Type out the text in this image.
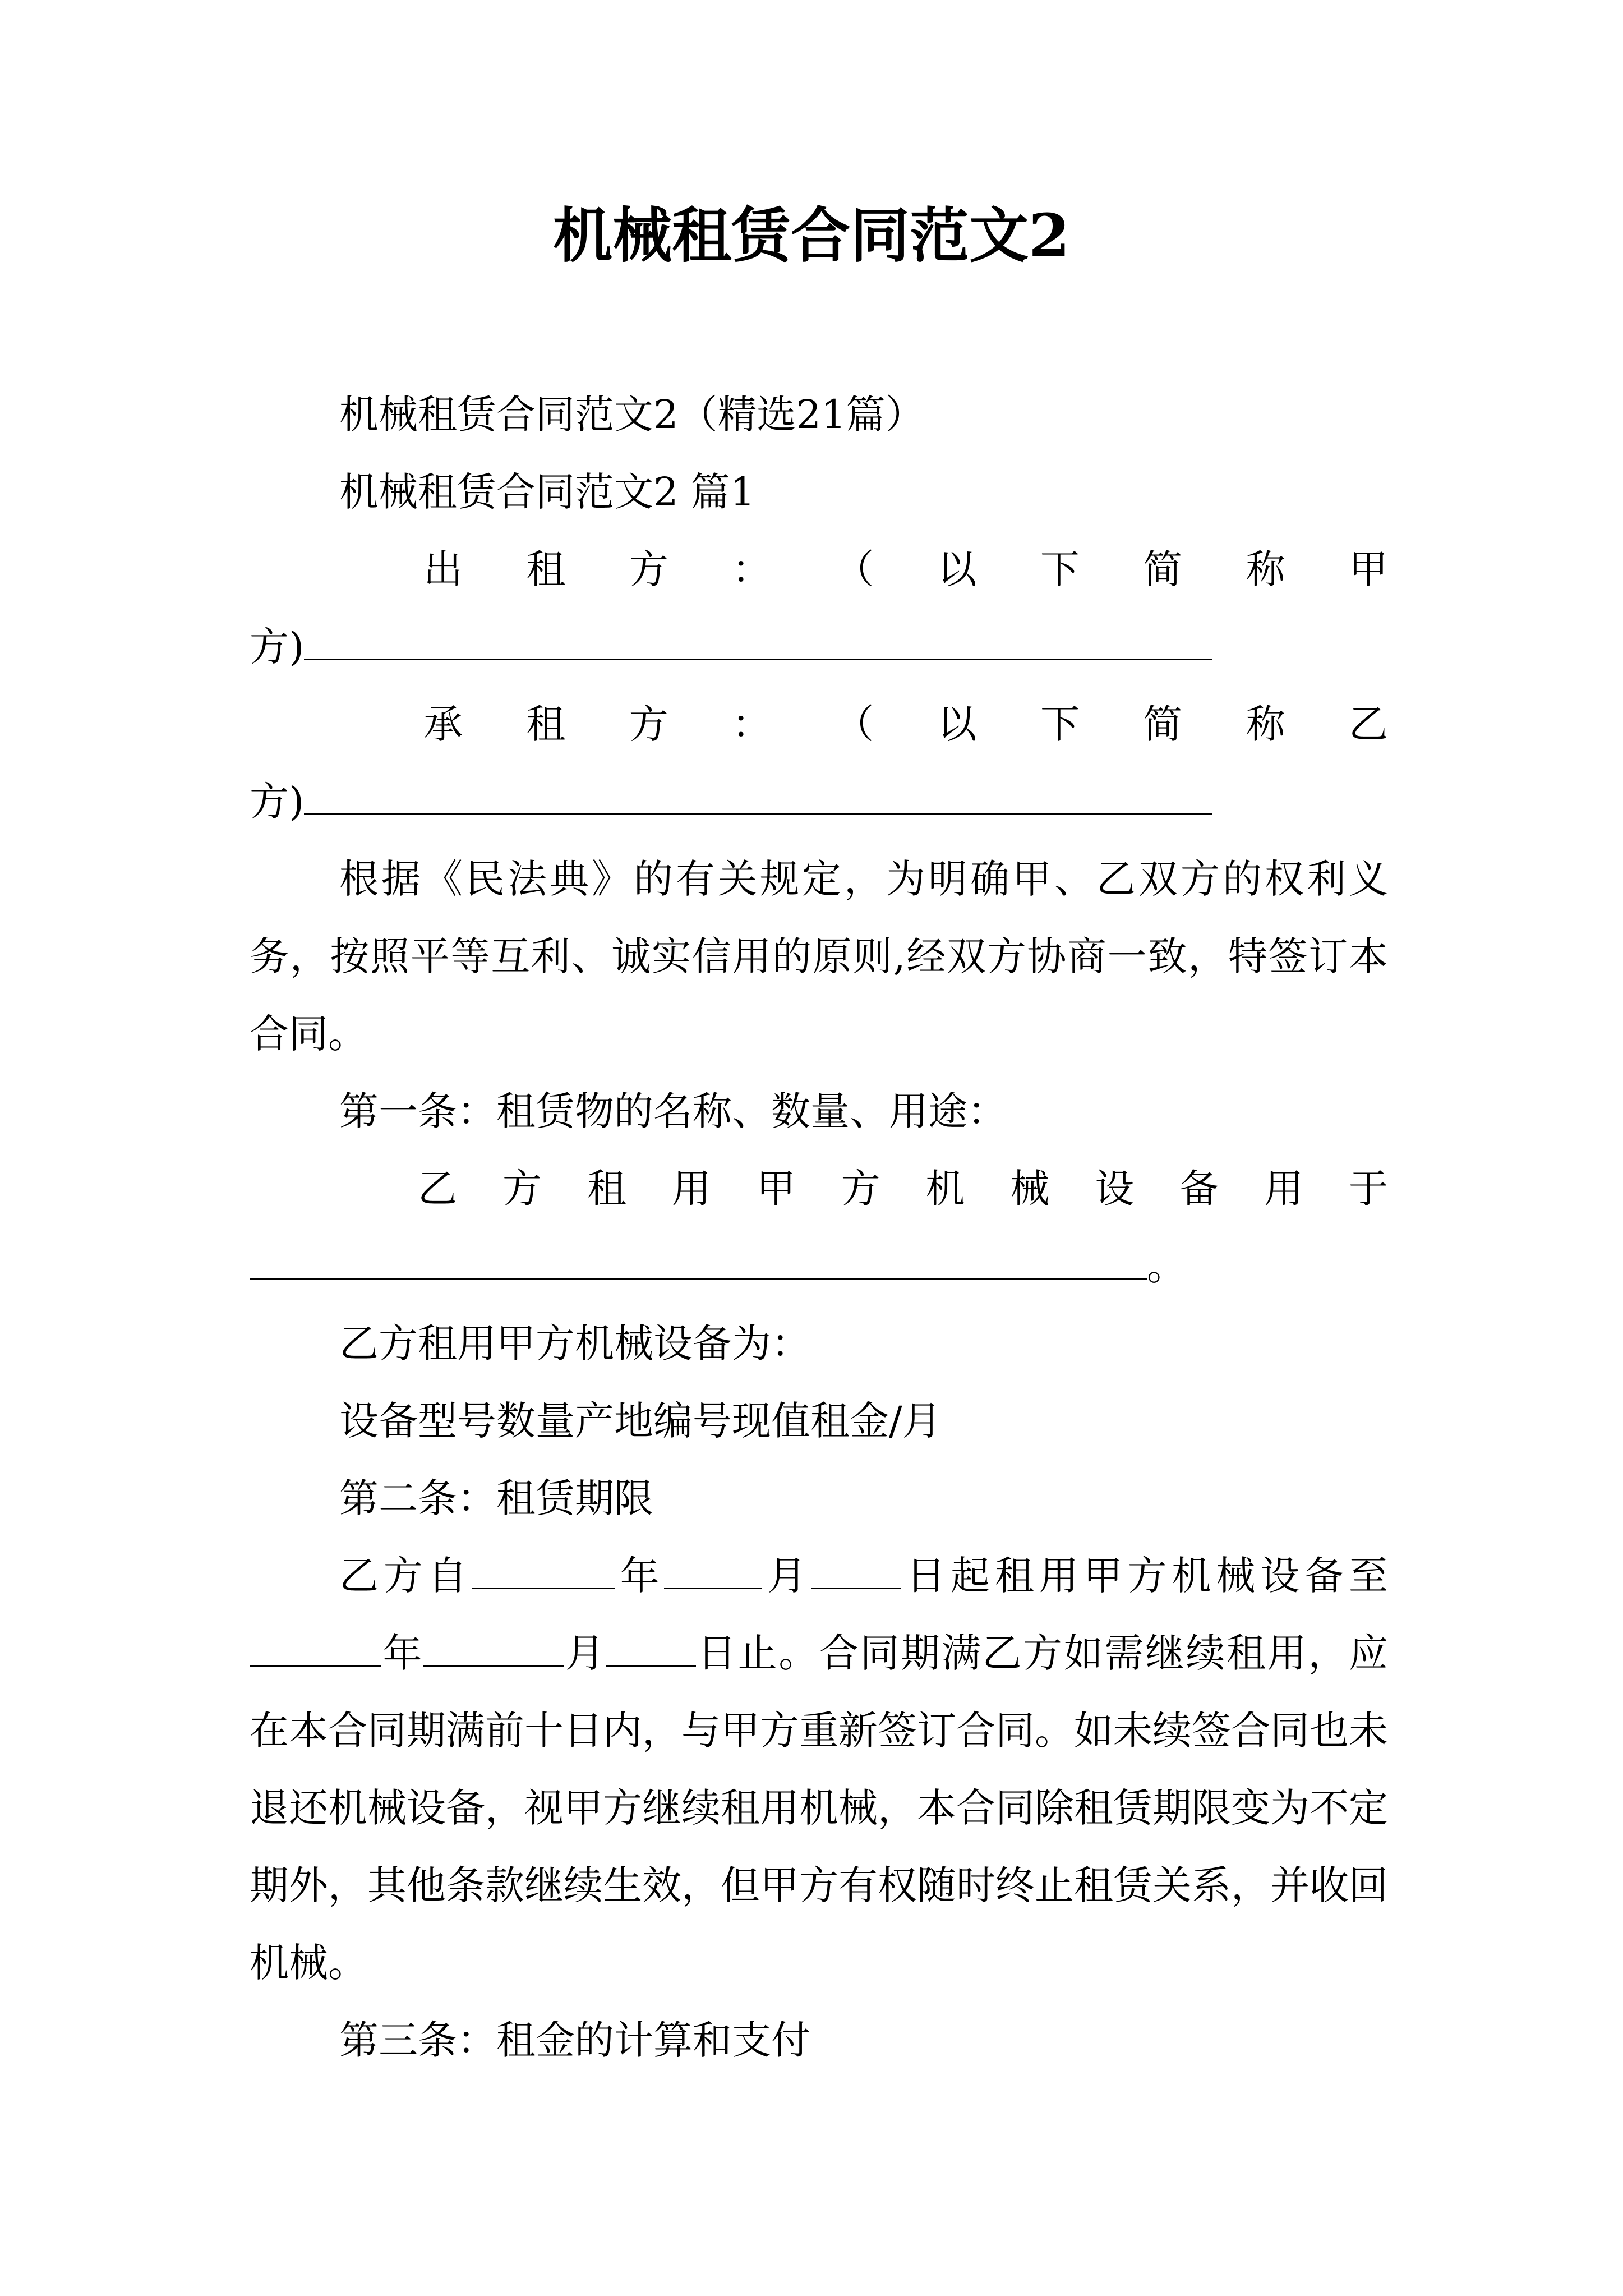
机械租赁合同范文2

机械租赁合同范文2（精选21篇）

机械租赁合同范文2 篇1

出 租 方 ： （ 以 下 简 称 甲
方)
承 租 方 ： （ 以 下 简 称 乙
方)

根据《民法典》的有关规定，为明确甲、乙双方的权利义务，按照平等互利、诚实信用的原则,经双方协商一致，特签订本合同。

第一条：租赁物的名称、数量、用途：

乙 方 租 用 甲 方 机 械 设 备 用 于
。

乙方租用甲方机械设备为：

设备型号数量产地编号现值租金/月

第二条：租赁期限

乙方自	年	月 日起租用甲方机械设备至年	月 日止。合同期满乙方如需继续租用，应在本合同期满前十日内，与甲方重新签订合同。如未续签合同也未退还机械设备，视甲方继续租用机械，本合同除租赁期限变为不定期外，其他条款继续生效，但甲方有权随时终止租赁关系，并收回机械。

第三条：租金的计算和支付
